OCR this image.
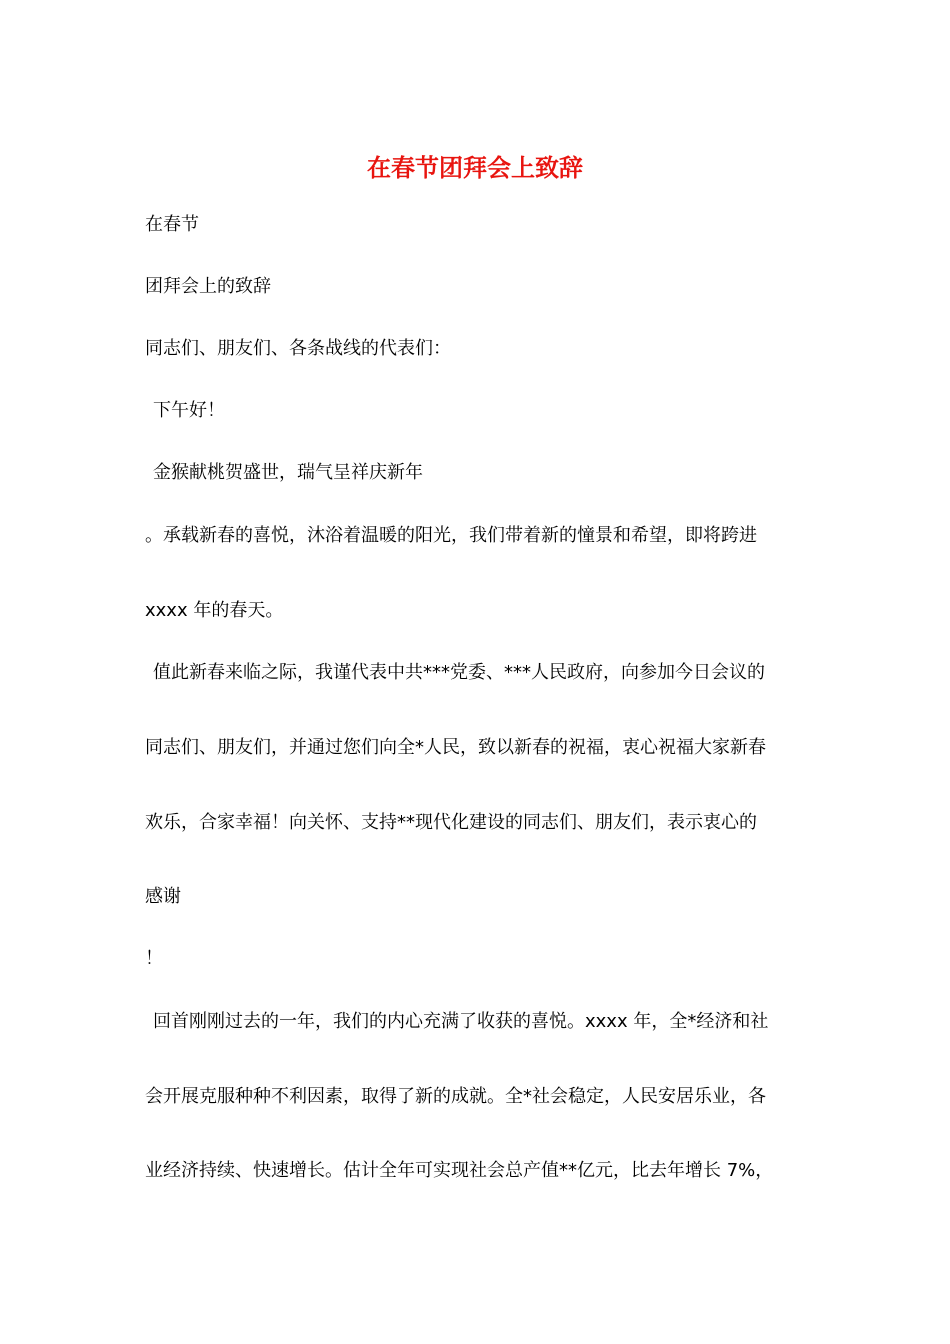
在春节团拜会上致辞
在春节
团拜会上的致辞
同志们、朋友们、各条战线的代表们：
下午好！
金猴献桃贺盛世，瑞气呈祥庆新年
。承载新春的喜悦，沐浴着温暖的阳光，我们带着新的憧景和希望，即将跨进
xxxx 年的春天。
值此新春来临之际，我谨代表中共***党委、***人民政府，向参加今日会议的
同志们、朋友们，并通过您们向全*人民，致以新春的祝福，衷心祝福大家新春
欢乐，合家幸福！向关怀、支持**现代化建设的同志们、朋友们，表示衷心的
感谢
！
回首刚刚过去的一年，我们的内心充满了收获的喜悦。xxxx 年，全*经济和社
会开展克服种种不利因素，取得了新的成就。全*社会稳定，人民安居乐业，各
业经济持续、快速增长。估计全年可实现社会总产值**亿元，比去年增长 7%，
